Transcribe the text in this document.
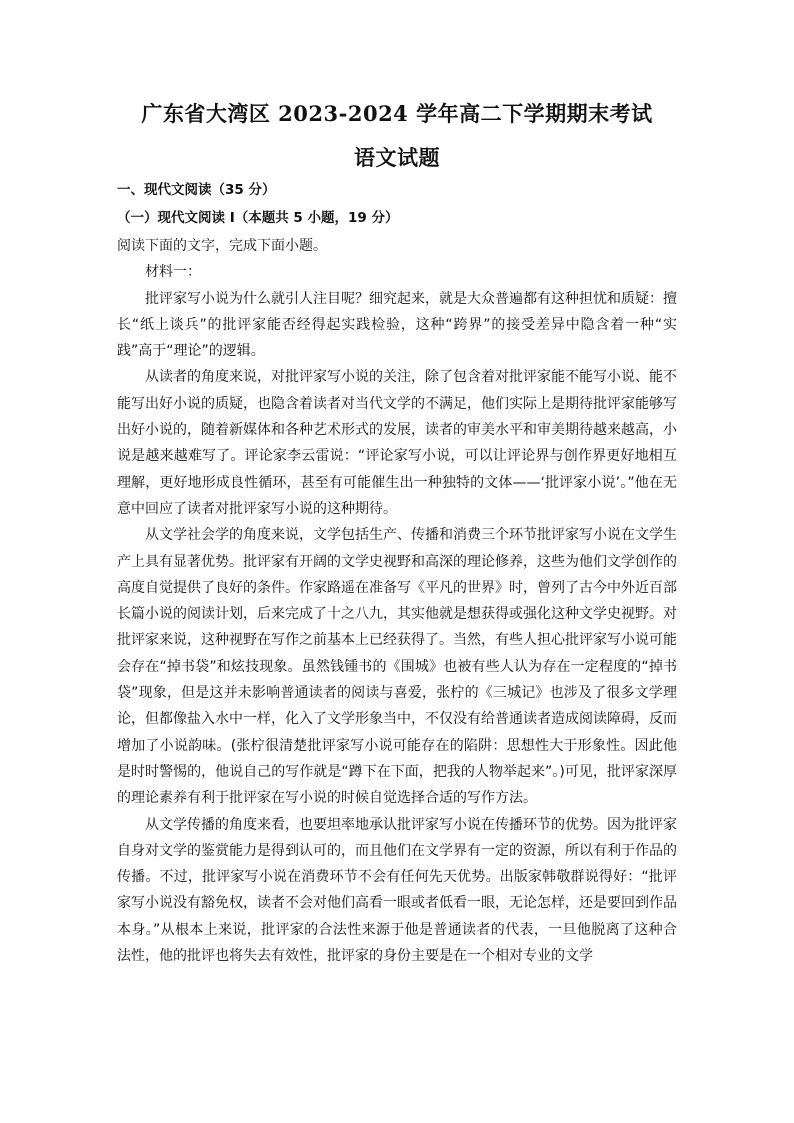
广东省大湾区 2023-2024 学年高二下学期期末考试
语文试题
一、现代文阅读（35 分）
（一）现代文阅读 I（本题共 5 小题，19 分）

阅读下面的文字，完成下面小题。

材料一：

批评家写小说为什么就引人注目呢？细究起来，就是大众普遍都有这种担忧和质疑：擅长“纸上谈兵”的批评家能否经得起实践检验，这种“跨界”的接受差异中隐含着一种“实践”高于“理论”的逻辑。

从读者的角度来说，对批评家写小说的关注，除了包含着对批评家能不能写小说、能不能写出好小说的质疑，也隐含着读者对当代文学的不满足，他们实际上是期待批评家能够写出好小说的，随着新媒体和各种艺术形式的发展，读者的审美水平和审美期待越来越高，小说是越来越难写了。评论家李云雷说：“评论家写小说，可以让评论界与创作界更好地相互理解，更好地形成良性循环，甚至有可能催生出一种独特的文体——‘批评家小说’。”他在无意中回应了读者对批评家写小说的这种期待。

从文学社会学的角度来说，文学包括生产、传播和消费三个环节批评家写小说在文学生产上具有显著优势。批评家有开阔的文学史视野和高深的理论修养，这些为他们文学创作的高度自觉提供了良好的条件。作家路遥在准备写《平凡的世界》时，曾列了古今中外近百部长篇小说的阅读计划，后来完成了十之八九，其实他就是想获得或强化这种文学史视野。对批评家来说，这种视野在写作之前基本上已经获得了。当然，有些人担心批评家写小说可能会存在“掉书袋”和炫技现象。虽然钱锺书的《围城》也被有些人认为存在一定程度的“掉书袋”现象，但是这并未影响普通读者的阅读与喜爱，张柠的《三城记》也涉及了很多文学理论，但都像盐入水中一样，化入了文学形象当中，不仅没有给普通读者造成阅读障碍，反而增加了小说韵味。(张柠很清楚批评家写小说可能存在的陷阱：思想性大于形象性。因此他是时时警惕的，他说自己的写作就是“蹲下在下面，把我的人物举起来”。)可见，批评家深厚的理论素养有利于批评家在写小说的时候自觉选择合适的写作方法。

从文学传播的角度来看，也要坦率地承认批评家写小说在传播环节的优势。因为批评家自身对文学的鉴赏能力是得到认可的，而且他们在文学界有一定的资源，所以有利于作品的传播。不过，批评家写小说在消费环节不会有任何先天优势。出版家韩敬群说得好：“批评家写小说没有豁免权，读者不会对他们高看一眼或者低看一眼，无论怎样，还是要回到作品本身。”从根本上来说，批评家的合法性来源于他是普通读者的代表，一旦他脱离了这种合法性，他的批评也将失去有效性，批评家的身份主要是在一个相对专业的文学
